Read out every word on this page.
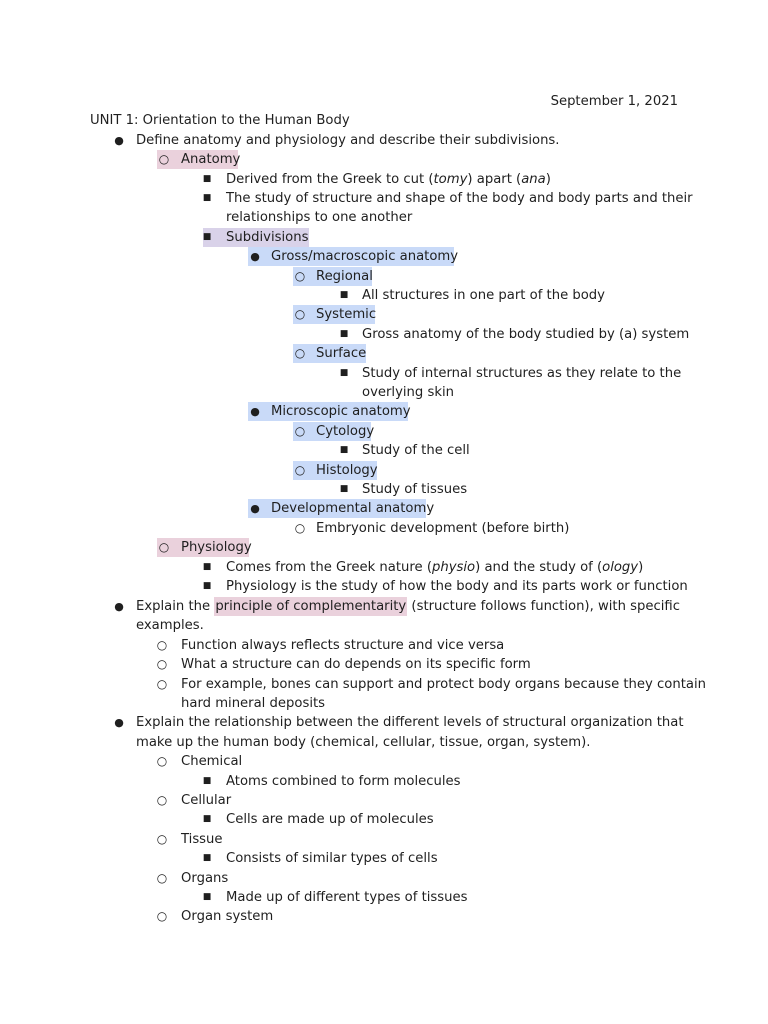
September 1, 2021
UNIT 1: Orientation to the Human Body
● Define anatomy and physiology and describe their subdivisions.
○ Anatomy
■ Derived from the Greek to cut (tomy) apart (ana)
■ The study of structure and shape of the body and body parts and their
relationships to one another
■ Subdivisions
● Gross/macroscopic anatomy
○ Regional
■ All structures in one part of the body
○ Systemic
■ Gross anatomy of the body studied by (a) system
○ Surface
■ Study of internal structures as they relate to the
overlying skin
● Microscopic anatomy
○ Cytology
■ Study of the cell
○ Histology
■ Study of tissues
● Developmental anatomy
○ Embryonic development (before birth)
○ Physiology
■ Comes from the Greek nature (physio) and the study of (ology)
■ Physiology is the study of how the body and its parts work or function
● Explain the principle of complementarity (structure follows function), with specific
examples.
○ Function always reflects structure and vice versa
○ What a structure can do depends on its specific form
○ For example, bones can support and protect body organs because they contain
hard mineral deposits
● Explain the relationship between the different levels of structural organization that
make up the human body (chemical, cellular, tissue, organ, system).
○ Chemical
■ Atoms combined to form molecules
○ Cellular
■ Cells are made up of molecules
○ Tissue
■ Consists of similar types of cells
○ Organs
■ Made up of different types of tissues
○ Organ system
